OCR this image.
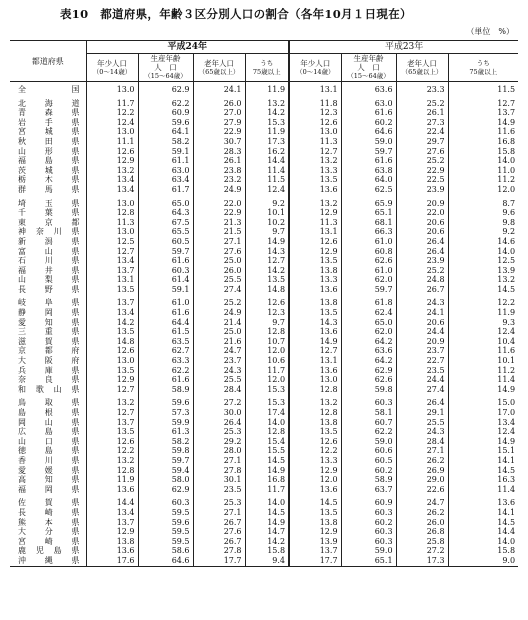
表10　都道府県，年齢３区分別人口の割合（各年10月１日現在）
（単位　%）
都道府県	平成24年				平成23年			

	年少人口
（0～14歳）	生産年齢
人　口
（15～64歳）	老年人口
（65歳以上）	うち
75歳以上	年少人口
（0～14歳）	生産年齢
人　口
（15～64歳）	老年人口
（65歳以上）	うち
75歳以上

全国	13.0	62.9	24.1	11.9	13.1	63.6	23.3	11.5
北海道	11.7	62.2	26.0	13.2	11.8	63.0	25.2	12.7
青森県	12.2	60.9	27.0	14.2	12.3	61.6	26.1	13.7
岩手県	12.4	59.6	27.9	15.3	12.6	60.2	27.3	14.9
宮城県	13.0	64.1	22.9	11.9	13.0	64.6	22.4	11.6
秋田県	11.1	58.2	30.7	17.3	11.3	59.0	29.7	16.8
山形県	12.6	59.1	28.3	16.2	12.7	59.7	27.6	15.8
福島県	12.9	61.1	26.1	14.4	13.2	61.6	25.2	14.0
茨城県	13.2	63.0	23.8	11.4	13.3	63.8	22.9	11.0
栃木県	13.4	63.4	23.2	11.5	13.5	64.0	22.5	11.2
群馬県	13.4	61.7	24.9	12.4	13.6	62.5	23.9	12.0
埼玉県	13.0	65.0	22.0	9.2	13.2	65.9	20.9	8.7
千葉県	12.8	64.3	22.9	10.1	12.9	65.1	22.0	9.6
東京都	11.3	67.5	21.3	10.2	11.3	68.1	20.6	9.8
神奈川県	13.0	65.5	21.5	9.7	13.1	66.3	20.6	9.2
新潟県	12.5	60.5	27.1	14.9	12.6	61.0	26.4	14.6
富山県	12.7	59.7	27.6	14.3	12.9	60.8	26.4	14.0
石川県	13.4	61.6	25.0	12.7	13.5	62.6	23.9	12.5
福井県	13.7	60.3	26.0	14.2	13.8	61.0	25.2	13.9
山梨県	13.1	61.4	25.5	13.5	13.3	62.0	24.8	13.2
長野県	13.5	59.1	27.4	14.8	13.6	59.7	26.7	14.5
岐阜県	13.7	61.0	25.2	12.6	13.8	61.8	24.3	12.2
静岡県	13.4	61.6	24.9	12.3	13.5	62.4	24.1	11.9
愛知県	14.2	64.4	21.4	9.7	14.3	65.0	20.6	9.3
三重県	13.5	61.5	25.0	12.8	13.6	62.0	24.4	12.4
滋賀県	14.8	63.5	21.6	10.7	14.9	64.2	20.9	10.4
京都府	12.6	62.7	24.7	12.0	12.7	63.6	23.7	11.6
大阪府	13.0	63.3	23.7	10.6	13.1	64.2	22.7	10.1
兵庫県	13.5	62.2	24.3	11.7	13.6	62.9	23.5	11.2
奈良県	12.9	61.6	25.5	12.0	13.0	62.6	24.4	11.4
和歌山県	12.7	58.9	28.4	15.3	12.8	59.8	27.4	14.9
鳥取県	13.2	59.6	27.2	15.3	13.2	60.3	26.4	15.0
島根県	12.7	57.3	30.0	17.4	12.8	58.1	29.1	17.0
岡山県	13.7	59.9	26.4	14.0	13.8	60.7	25.5	13.4
広島県	13.5	61.3	25.3	12.8	13.5	62.2	24.3	12.4
山口県	12.6	58.2	29.2	15.4	12.6	59.0	28.4	14.9
徳島県	12.2	59.8	28.0	15.5	12.2	60.6	27.1	15.1
香川県	13.2	59.7	27.1	14.5	13.3	60.5	26.2	14.1
愛媛県	12.8	59.4	27.8	14.9	12.9	60.2	26.9	14.5
高知県	11.9	58.0	30.1	16.8	12.0	58.9	29.0	16.3
福岡県	13.6	62.9	23.5	11.7	13.6	63.7	22.6	11.4
佐賀県	14.4	60.3	25.3	14.0	14.5	60.9	24.7	13.6
長崎県	13.4	59.5	27.1	14.5	13.5	60.3	26.2	14.1
熊本県	13.7	59.6	26.7	14.9	13.8	60.2	26.0	14.5
大分県	12.9	59.5	27.6	14.7	12.9	60.3	26.8	14.4
宮崎県	13.8	59.5	26.7	14.2	13.9	60.3	25.8	14.0
鹿児島県	13.6	58.6	27.8	15.8	13.7	59.0	27.2	15.8
沖縄県	17.6	64.6	17.7	9.4	17.7	65.1	17.3	9.0
